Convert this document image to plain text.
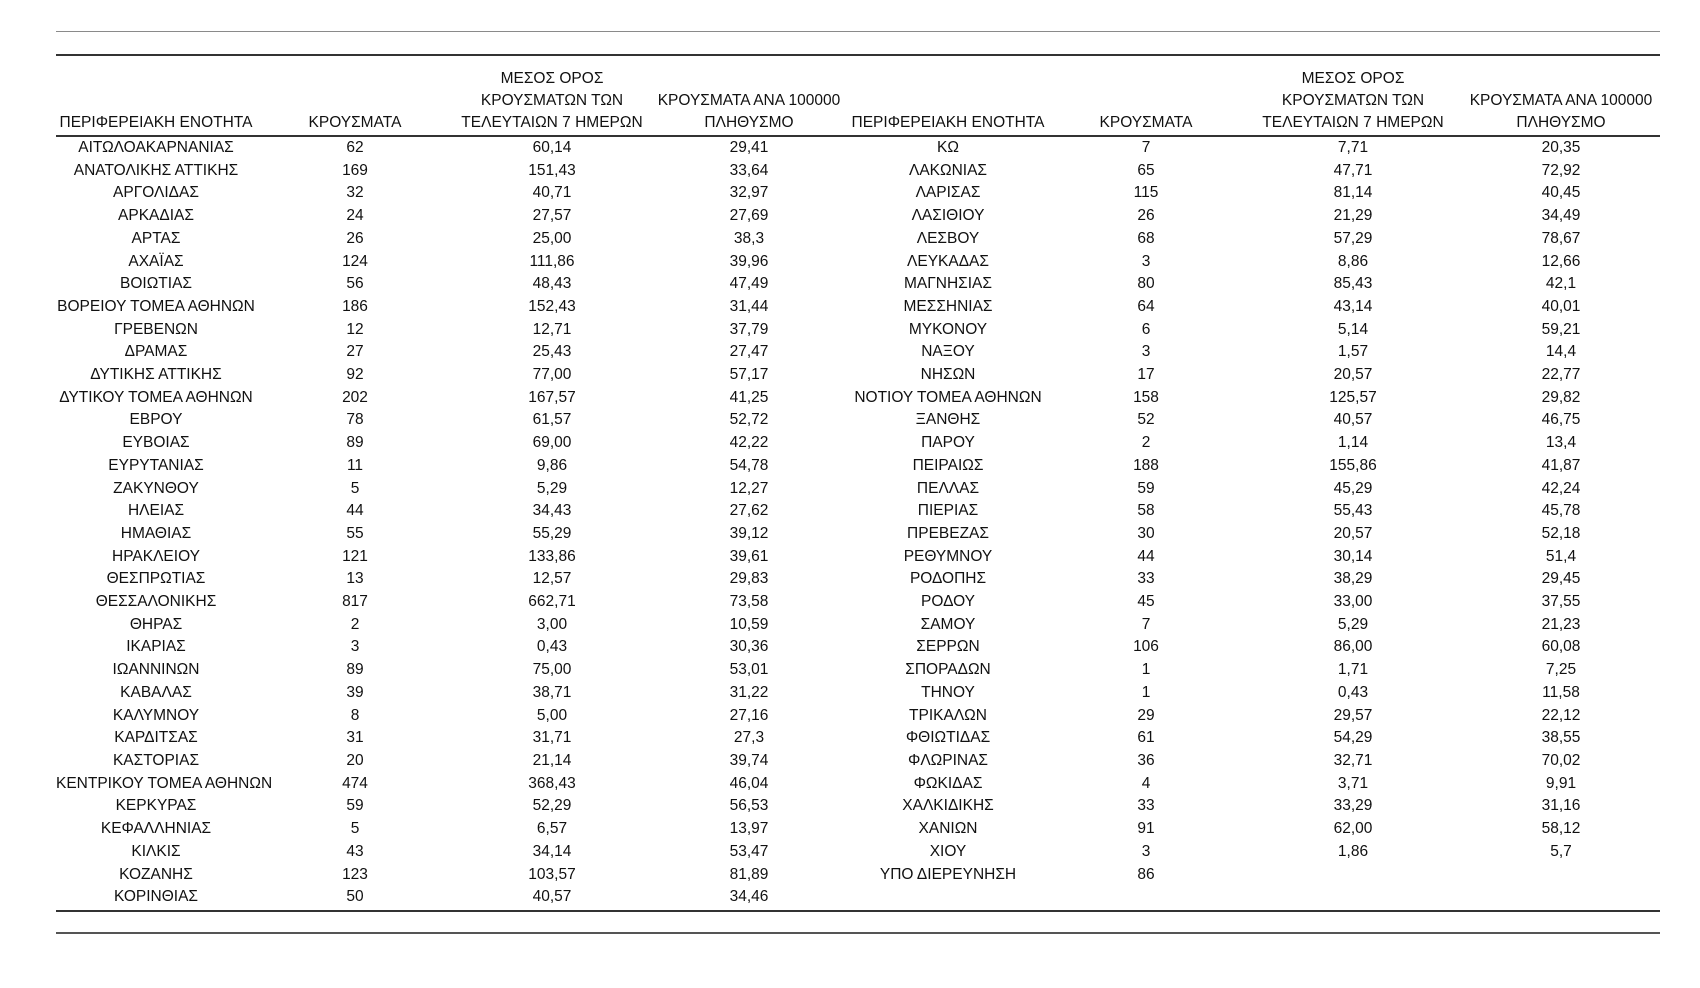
ΠΕΡΙΦΕΡΕΙΑΚΗ ΕΝΟΤΗΤΑ	ΚΡΟΥΣΜΑΤΑ	ΜΕΣΟΣ ΟΡΟΣ
ΚΡΟΥΣΜΑΤΩΝ ΤΩΝ
ΤΕΛΕΥΤΑΙΩΝ 7 ΗΜΕΡΩΝ	ΚΡΟΥΣΜΑΤΑ ΑΝΑ 100000
ΠΛΗΘΥΣΜΟ	ΠΕΡΙΦΕΡΕΙΑΚΗ ΕΝΟΤΗΤΑ	ΚΡΟΥΣΜΑΤΑ	ΜΕΣΟΣ ΟΡΟΣ
ΚΡΟΥΣΜΑΤΩΝ ΤΩΝ
ΤΕΛΕΥΤΑΙΩΝ 7 ΗΜΕΡΩΝ	ΚΡΟΥΣΜΑΤΑ ΑΝΑ 100000
ΠΛΗΘΥΣΜΟ

ΑΙΤΩΛΟΑΚΑΡΝΑΝΙΑΣ	62	60,14	29,41	ΚΩ	7	7,71	20,35
ΑΝΑΤΟΛΙΚΗΣ ΑΤΤΙΚΗΣ	169	151,43	33,64	ΛΑΚΩΝΙΑΣ	65	47,71	72,92
ΑΡΓΟΛΙΔΑΣ	32	40,71	32,97	ΛΑΡΙΣΑΣ	115	81,14	40,45
ΑΡΚΑΔΙΑΣ	24	27,57	27,69	ΛΑΣΙΘΙΟΥ	26	21,29	34,49
ΑΡΤΑΣ	26	25,00	38,3	ΛΕΣΒΟΥ	68	57,29	78,67
ΑΧΑΪΑΣ	124	111,86	39,96	ΛΕΥΚΑΔΑΣ	3	8,86	12,66
ΒΟΙΩΤΙΑΣ	56	48,43	47,49	ΜΑΓΝΗΣΙΑΣ	80	85,43	42,1
ΒΟΡΕΙΟΥ ΤΟΜΕΑ ΑΘΗΝΩΝ	186	152,43	31,44	ΜΕΣΣΗΝΙΑΣ	64	43,14	40,01
ΓΡΕΒΕΝΩΝ	12	12,71	37,79	ΜΥΚΟΝΟΥ	6	5,14	59,21
ΔΡΑΜΑΣ	27	25,43	27,47	ΝΑΞΟΥ	3	1,57	14,4
ΔΥΤΙΚΗΣ ΑΤΤΙΚΗΣ	92	77,00	57,17	ΝΗΣΩΝ	17	20,57	22,77
ΔΥΤΙΚΟΥ ΤΟΜΕΑ ΑΘΗΝΩΝ	202	167,57	41,25	ΝΟΤΙΟΥ ΤΟΜΕΑ ΑΘΗΝΩΝ	158	125,57	29,82
ΕΒΡΟΥ	78	61,57	52,72	ΞΑΝΘΗΣ	52	40,57	46,75
ΕΥΒΟΙΑΣ	89	69,00	42,22	ΠΑΡΟΥ	2	1,14	13,4
ΕΥΡΥΤΑΝΙΑΣ	11	9,86	54,78	ΠΕΙΡΑΙΩΣ	188	155,86	41,87
ΖΑΚΥΝΘΟΥ	5	5,29	12,27	ΠΕΛΛΑΣ	59	45,29	42,24
ΗΛΕΙΑΣ	44	34,43	27,62	ΠΙΕΡΙΑΣ	58	55,43	45,78
ΗΜΑΘΙΑΣ	55	55,29	39,12	ΠΡΕΒΕΖΑΣ	30	20,57	52,18
ΗΡΑΚΛΕΙΟΥ	121	133,86	39,61	ΡΕΘΥΜΝΟΥ	44	30,14	51,4
ΘΕΣΠΡΩΤΙΑΣ	13	12,57	29,83	ΡΟΔΟΠΗΣ	33	38,29	29,45
ΘΕΣΣΑΛΟΝΙΚΗΣ	817	662,71	73,58	ΡΟΔΟΥ	45	33,00	37,55
ΘΗΡΑΣ	2	3,00	10,59	ΣΑΜΟΥ	7	5,29	21,23
ΙΚΑΡΙΑΣ	3	0,43	30,36	ΣΕΡΡΩΝ	106	86,00	60,08
ΙΩΑΝΝΙΝΩΝ	89	75,00	53,01	ΣΠΟΡΑΔΩΝ	1	1,71	7,25
ΚΑΒΑΛΑΣ	39	38,71	31,22	ΤΗΝΟΥ	1	0,43	11,58
ΚΑΛΥΜΝΟΥ	8	5,00	27,16	ΤΡΙΚΑΛΩΝ	29	29,57	22,12
ΚΑΡΔΙΤΣΑΣ	31	31,71	27,3	ΦΘΙΩΤΙΔΑΣ	61	54,29	38,55
ΚΑΣΤΟΡΙΑΣ	20	21,14	39,74	ΦΛΩΡΙΝΑΣ	36	32,71	70,02
ΚΕΝΤΡΙΚΟΥ ΤΟΜΕΑ ΑΘΗΝΩΝ	474	368,43	46,04	ΦΩΚΙΔΑΣ	4	3,71	9,91
ΚΕΡΚΥΡΑΣ	59	52,29	56,53	ΧΑΛΚΙΔΙΚΗΣ	33	33,29	31,16
ΚΕΦΑΛΛΗΝΙΑΣ	5	6,57	13,97	ΧΑΝΙΩΝ	91	62,00	58,12
ΚΙΛΚΙΣ	43	34,14	53,47	ΧΙΟΥ	3	1,86	5,7
ΚΟΖΑΝΗΣ	123	103,57	81,89	ΥΠΟ ΔΙΕΡΕΥΝΗΣΗ	86		
ΚΟΡΙΝΘΙΑΣ	50	40,57	34,46				
